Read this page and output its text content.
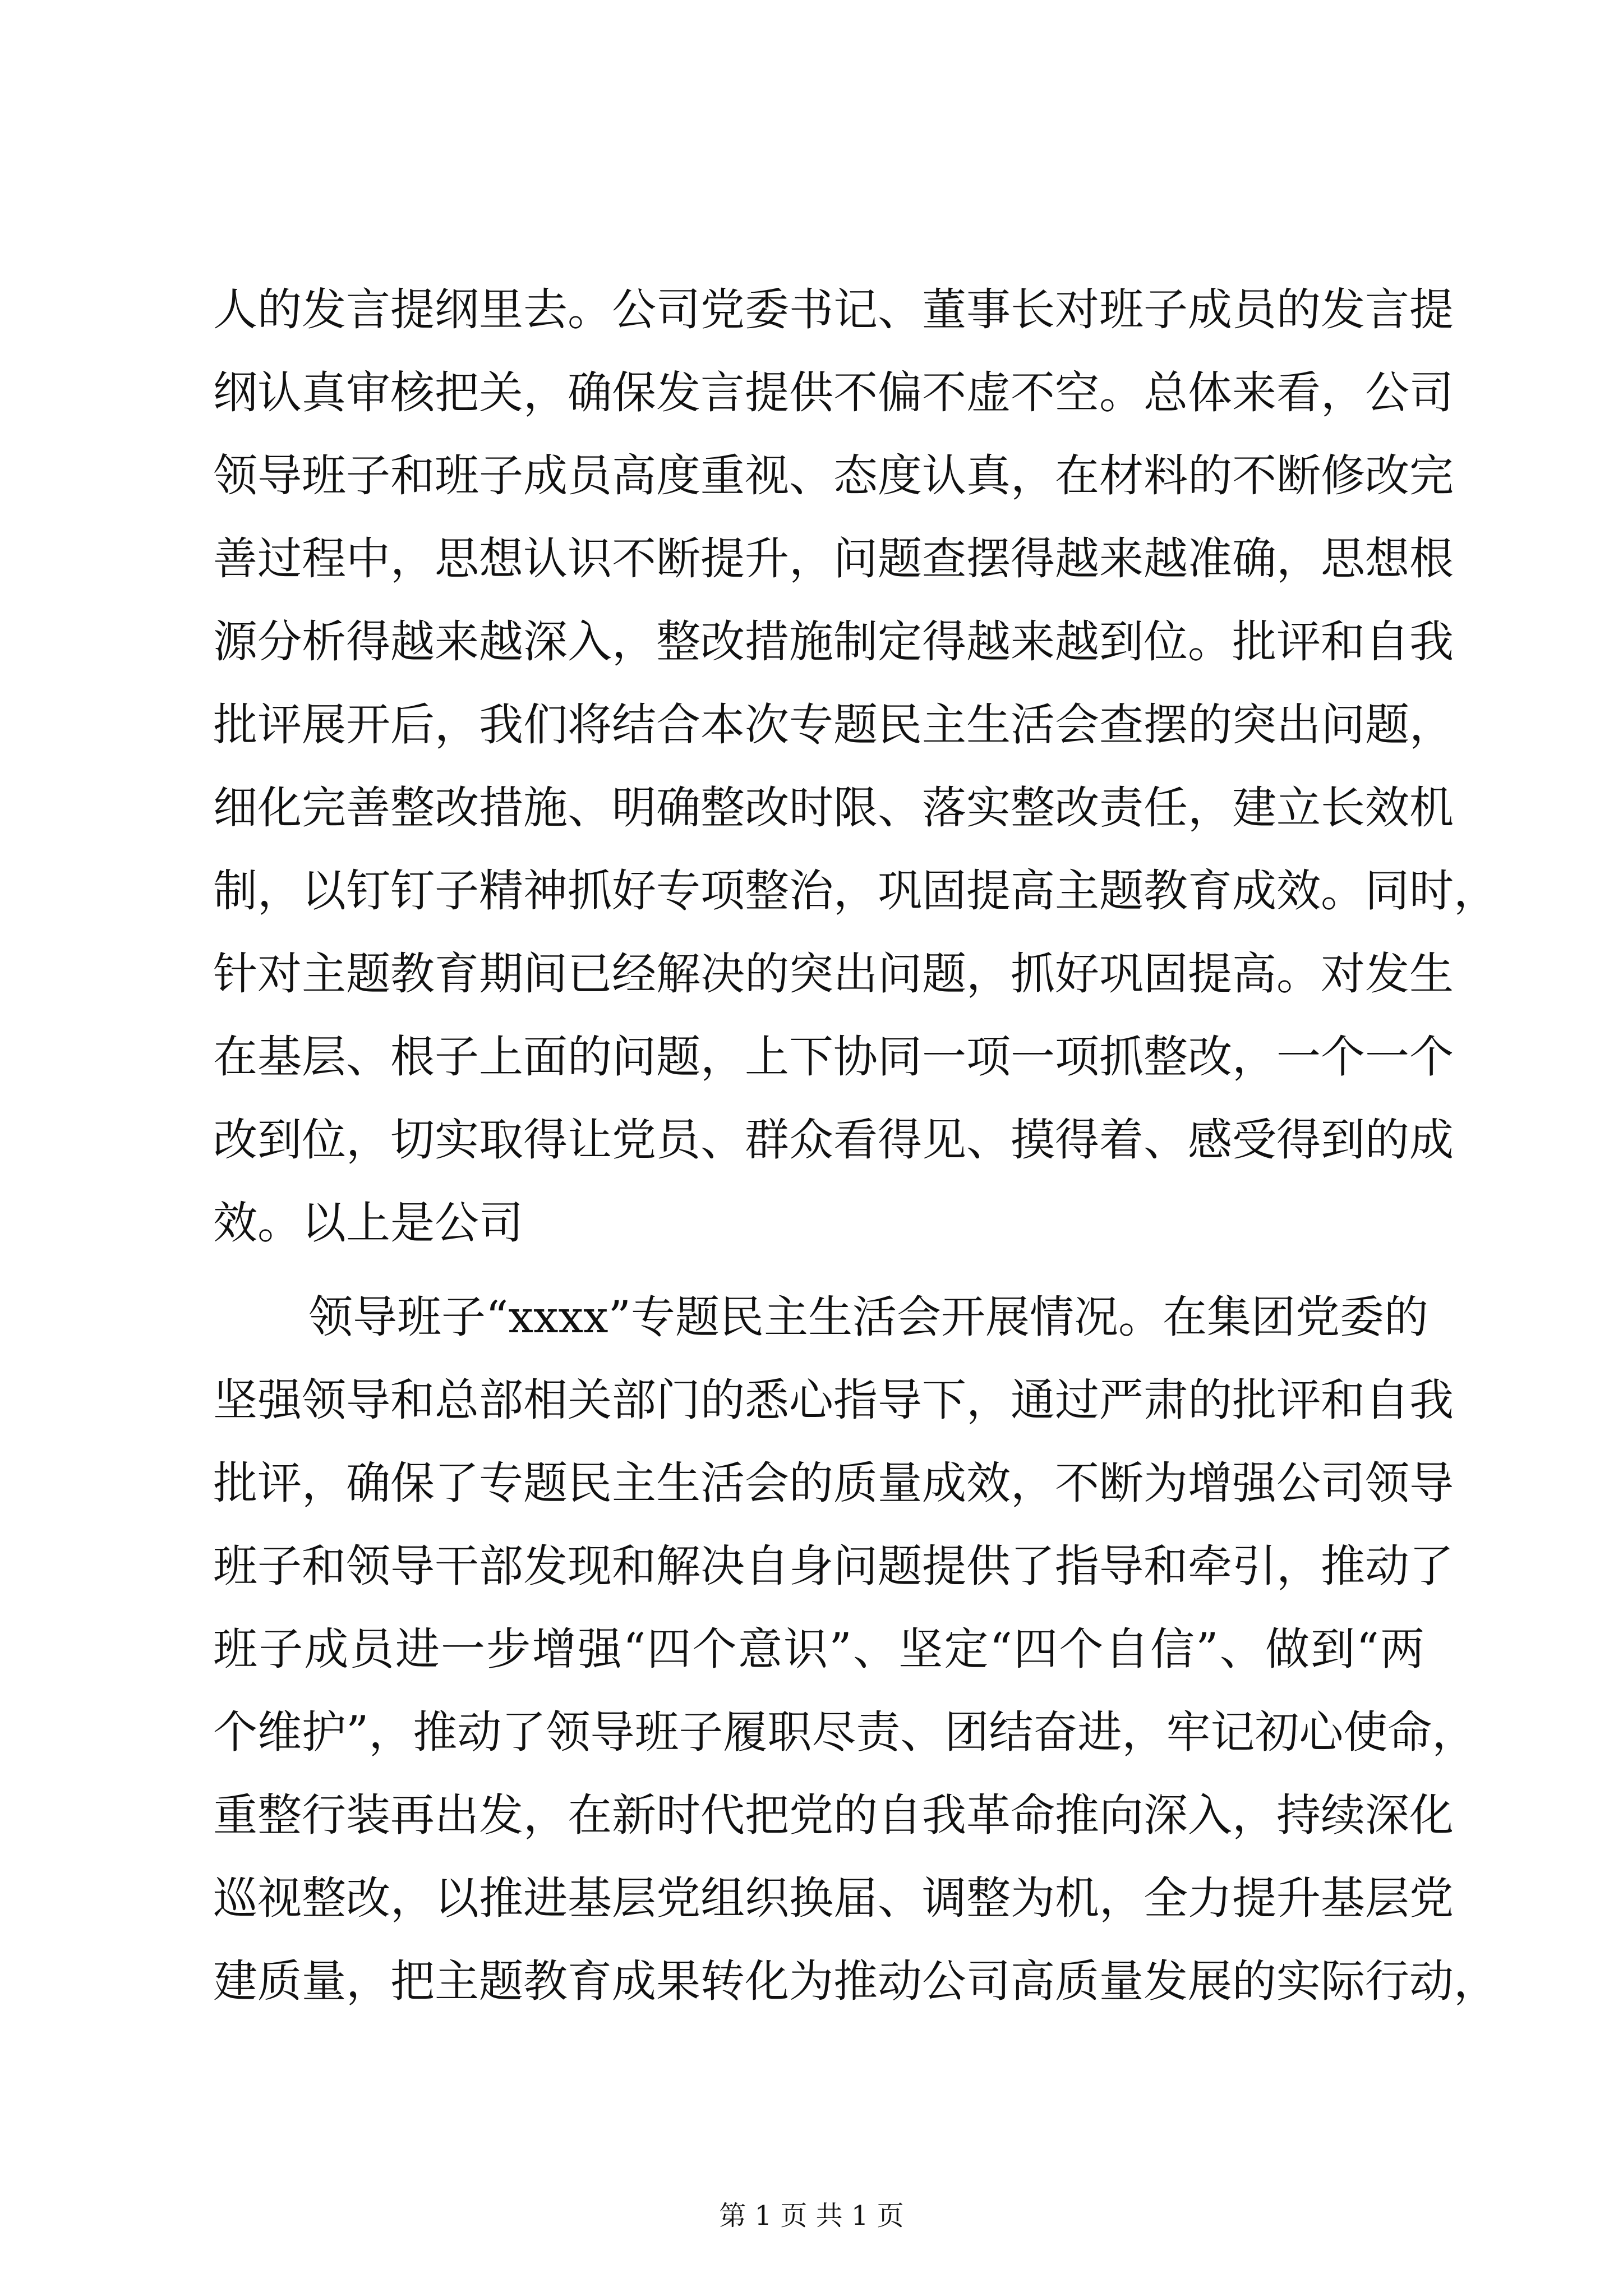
人的发言提纲里去。公司党委书记、董事长对班子成员的发言提
纲认真审核把关，确保发言提供不偏不虚不空。总体来看，公司
领导班子和班子成员高度重视、态度认真，在材料的不断修改完
善过程中，思想认识不断提升，问题查摆得越来越准确，思想根
源分析得越来越深入，整改措施制定得越来越到位。批评和自我
批评展开后，我们将结合本次专题民主生活会查摆的突出问题，
细化完善整改措施、明确整改时限、落实整改责任，建立长效机
制，以钉钉子精神抓好专项整治，巩固提高主题教育成效。同时，
针对主题教育期间已经解决的突出问题，抓好巩固提高。对发生
在基层、根子上面的问题，上下协同一项一项抓整改，一个一个
改到位，切实取得让党员、群众看得见、摸得着、感受得到的成
效。以上是公司
领导班子“xxxx”专题民主生活会开展情况。在集团党委的
坚强领导和总部相关部门的悉心指导下，通过严肃的批评和自我
批评，确保了专题民主生活会的质量成效，不断为增强公司领导
班子和领导干部发现和解决自身问题提供了指导和牵引，推动了
班子成员进一步增强“四个意识”、坚定“四个自信”、做到“两
个维护”，推动了领导班子履职尽责、团结奋进，牢记初心使命，
重整行装再出发，在新时代把党的自我革命推向深入，持续深化
巡视整改，以推进基层党组织换届、调整为机，全力提升基层党
建质量，把主题教育成果转化为推动公司高质量发展的实际行动，
第 1 页 共 1 页
